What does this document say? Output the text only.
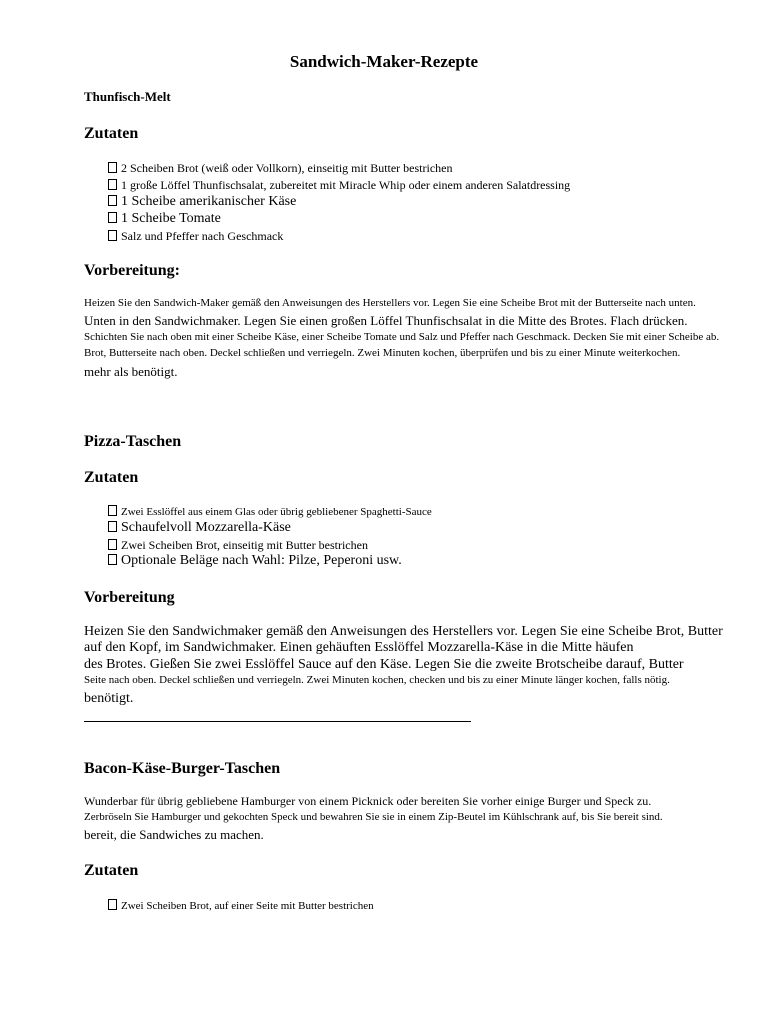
Sandwich-Maker-Rezepte
Thunfisch-Melt
Zutaten
2 Scheiben Brot (weiß oder Vollkorn), einseitig mit Butter bestrichen
1 große Löffel Thunfischsalat, zubereitet mit Miracle Whip oder einem anderen Salatdressing
1 Scheibe amerikanischer Käse
1 Scheibe Tomate
Salz und Pfeffer nach Geschmack
Vorbereitung:
Heizen Sie den Sandwich-Maker gemäß den Anweisungen des Herstellers vor. Legen Sie eine Scheibe Brot mit der Butterseite nach unten.
Unten in den Sandwichmaker. Legen Sie einen großen Löffel Thunfischsalat in die Mitte des Brotes. Flach drücken.
Schichten Sie nach oben mit einer Scheibe Käse, einer Scheibe Tomate und Salz und Pfeffer nach Geschmack. Decken Sie mit einer Scheibe ab.
Brot, Butterseite nach oben. Deckel schließen und verriegeln. Zwei Minuten kochen, überprüfen und bis zu einer Minute weiterkochen.
mehr als benötigt.
Pizza-Taschen
Zutaten
Zwei Esslöffel aus einem Glas oder übrig gebliebener Spaghetti-Sauce
Schaufelvoll Mozzarella-Käse
Zwei Scheiben Brot, einseitig mit Butter bestrichen
Optionale Beläge nach Wahl: Pilze, Peperoni usw.
Vorbereitung
Heizen Sie den Sandwichmaker gemäß den Anweisungen des Herstellers vor. Legen Sie eine Scheibe Brot, Butter
auf den Kopf, im Sandwichmaker. Einen gehäuften Esslöffel Mozzarella-Käse in die Mitte häufen
des Brotes. Gießen Sie zwei Esslöffel Sauce auf den Käse. Legen Sie die zweite Brotscheibe darauf, Butter
Seite nach oben. Deckel schließen und verriegeln. Zwei Minuten kochen, checken und bis zu einer Minute länger kochen, falls nötig.
benötigt.
Bacon-Käse-Burger-Taschen
Wunderbar für übrig gebliebene Hamburger von einem Picknick oder bereiten Sie vorher einige Burger und Speck zu.
Zerbröseln Sie Hamburger und gekochten Speck und bewahren Sie sie in einem Zip-Beutel im Kühlschrank auf, bis Sie bereit sind.
bereit, die Sandwiches zu machen.
Zutaten
Zwei Scheiben Brot, auf einer Seite mit Butter bestrichen
